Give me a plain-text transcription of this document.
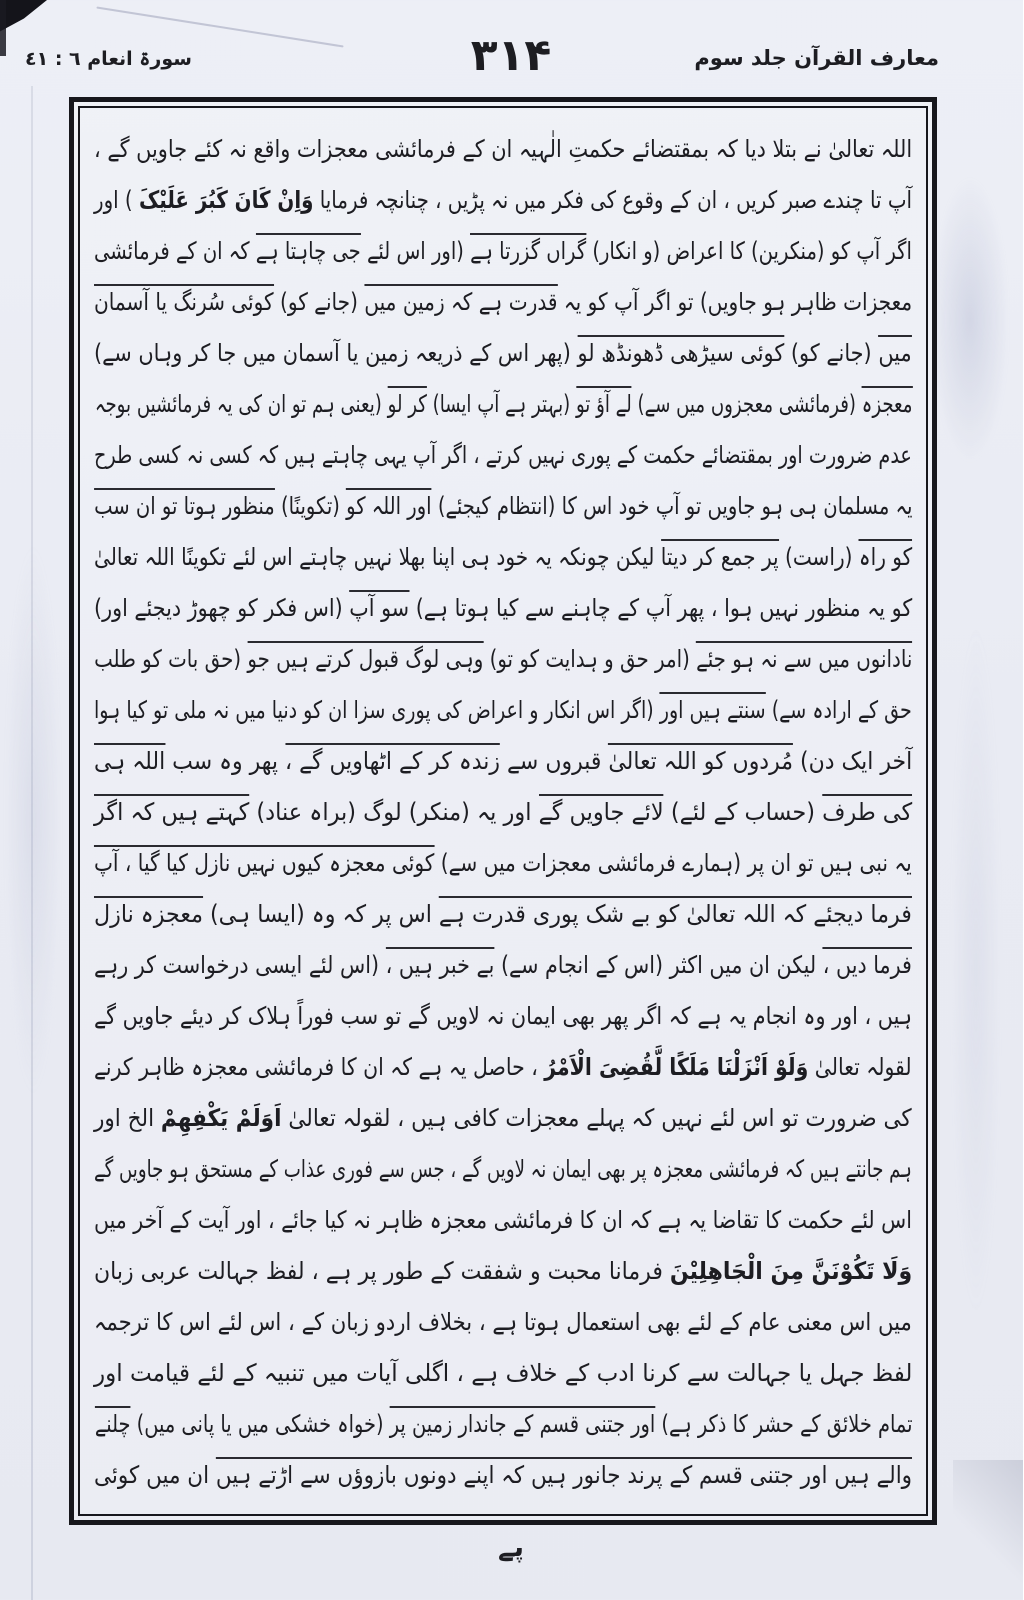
سورۃ انعام ٦ : ٤١	۳۱۴	معارف القرآن جلد سوم
اللہ تعالیٰ نے بتلا دیا کہ بمقتضائے حکمتِ الٰہیہ ان کے فرمائشی معجزات واقع نہ کئے جاویں گے ،
آپ تا چندے صبر کریں ، ان کے وقوع کی فکر میں نہ پڑیں ، چنانچہ فرمایا وَاِنْ کَانَ کَبُرَ عَلَیْکَ ) اور
اگر آپ کو (منکرین) کا اعراض (و انکار) گراں گزرتا ہے (اور اس لئے جی چاہتا ہے کہ ان کے فرمائشی
معجزات ظاہر ہو جاویں) تو اگر آپ کو یہ قدرت ہے کہ زمین میں (جانے کو) کوئی سُرنگ یا آسمان
میں (جانے کو) کوئی سیڑھی ڈھونڈھ لو (پھر اس کے ذریعہ زمین یا آسمان میں جا کر وہاں سے)
معجزہ (فرمائشی معجزوں میں سے) لے آؤ تو (بہتر ہے آپ ایسا) کر لو (یعنی ہم تو ان کی یہ فرمائشیں بوجہ
عدم ضرورت اور بمقتضائے حکمت کے پوری نہیں کرتے ، اگر آپ یہی چاہتے ہیں کہ کسی نہ کسی طرح
یہ مسلمان ہی ہو جاویں تو آپ خود اس کا (انتظام کیجئے) اور اللہ کو (تکوینًا) منظور ہوتا تو ان سب
کو راہ (راست) پر جمع کر دیتا لیکن چونکہ یہ خود ہی اپنا بھلا نہیں چاہتے اس لئے تکوینًا اللہ تعالیٰ
کو یہ منظور نہیں ہوا ، پھر آپ کے چاہنے سے کیا ہوتا ہے) سو آپ (اس فکر کو چھوڑ دیجئے اور)
نادانوں میں سے نہ ہو جئے (امر حق و ہدایت کو تو) وہی لوگ قبول کرتے ہیں جو (حق بات کو طلب
حق کے ارادہ سے) سنتے ہیں اور (اگر اس انکار و اعراض کی پوری سزا ان کو دنیا میں نہ ملی تو کیا ہوا
آخر ایک دن) مُردوں کو اللہ تعالیٰ قبروں سے زندہ کر کے اٹھاویں گے ، پھر وہ سب اللہ ہی
کی طرف (حساب کے لئے) لائے جاویں گے اور یہ (منکر) لوگ (براہ عناد) کہتے ہیں کہ اگر
یہ نبی ہیں تو ان پر (ہمارے فرمائشی معجزات میں سے) کوئی معجزہ کیوں نہیں نازل کیا گیا ، آپ
فرما دیجئے کہ اللہ تعالیٰ کو بے شک پوری قدرت ہے اس پر کہ وہ (ایسا ہی) معجزہ نازل
فرما دیں ، لیکن ان میں اکثر (اس کے انجام سے) بے خبر ہیں ، (اس لئے ایسی درخواست کر رہے
ہیں ، اور وہ انجام یہ ہے کہ اگر پھر بھی ایمان نہ لاویں گے تو سب فوراً ہلاک کر دیئے جاویں گے
لقولہ تعالیٰ وَلَوْ اَنْزَلْنَا مَلَکًا لَّقُضِیَ الْاَمْرُ ، حاصل یہ ہے کہ ان کا فرمائشی معجزہ ظاہر کرنے
کی ضرورت تو اس لئے نہیں کہ پہلے معجزات کافی ہیں ، لقولہ تعالیٰ اَوَلَمْ یَکْفِهِمْ الخ اور
ہم جانتے ہیں کہ فرمائشی معجزہ پر بھی ایمان نہ لاویں گے ، جس سے فوری عذاب کے مستحق ہو جاویں گے
اس لئے حکمت کا تقاضا یہ ہے کہ ان کا فرمائشی معجزہ ظاہر نہ کیا جائے ، اور آیت کے آخر میں
وَلَا تَکُوْنَنَّ مِنَ الْجَاهِلِیْنَ فرمانا محبت و شفقت کے طور پر ہے ، لفظ جہالت عربی زبان
میں اس معنی عام کے لئے بھی استعمال ہوتا ہے ، بخلاف اردو زبان کے ، اس لئے اس کا ترجمہ
لفظ جہل یا جہالت سے کرنا ادب کے خلاف ہے ، اگلی آیات میں تنبیہ کے لئے قیامت اور
تمام خلائق کے حشر کا ذکر ہے) اور جتنی قسم کے جاندار زمین پر (خواہ خشکی میں یا پانی میں) چلنے
والے ہیں اور جتنی قسم کے پرند جانور ہیں کہ اپنے دونوں بازوؤں سے اڑتے ہیں ان میں کوئی
پے
